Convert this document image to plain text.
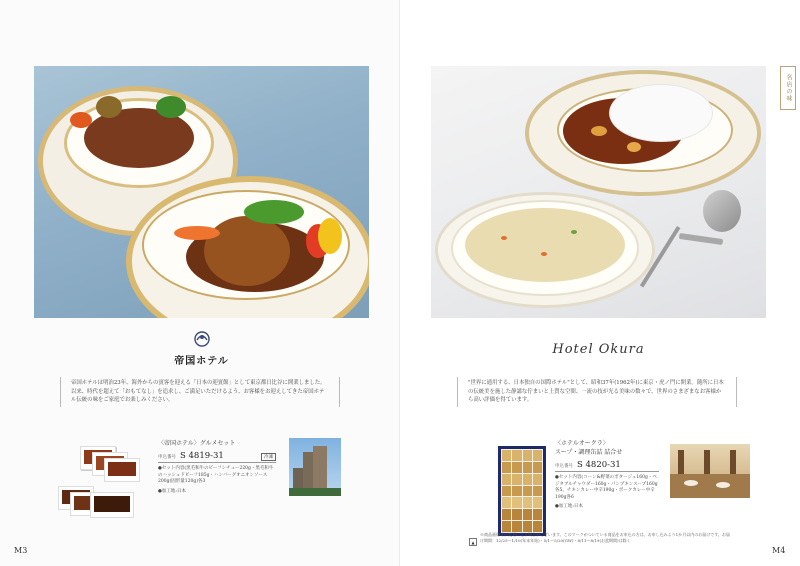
帝国ホテル
帝国ホテルは明治23年、海外からの賓客を迎える「日本の迎賓館」として東京都日比谷に開業しました。以来、時代を超えて「おもてなし」を追求し、ご満足いただけるよう、お客様をお迎えしてきた帝国ホテル伝統の味をご家庭でお楽しみください。
〈帝国ホテル〉グルメセット
申込番号 S 4819-31	冷凍
●セット内容(黒毛和牛のビーフシチュー220g・黒毛和牛のハッシュドビーフ185g・ハンバーグオニオンソース200g(固形量120g)各3
●加工地:日本
M3
名店の味
Hotel Okura
"世界に通用する、日本独自の国際ホテル"として、昭和37年(1962年)に東京・虎ノ門に開業。随所に日本の伝統美を施した静謐な佇まいと上質な空間、一流の技が光る美味の数々で、世界のさまざまなお客様から高い評価を得ています。
〈ホテルオークラ〉
スープ・調理缶詰 詰合せ
申込番号 S 4820-31
●セット内容(コーン&野菜のポタージュ160g・ベジタブルチャウダー160g・パンプキンスープ160g各5、チキンカレー中辛190g・ポークカレー中辛190g各6
●加工地:日本
▲
※商品画像等が変更になる場合がございます。このマークがついている商品をお申込の方は、お申し込みより1か月以内のお届けです。お届け期間：12/25～1/10(年末年始)・5/1～5/20(GW)・8/11～8/19(お盆期間)は除く
M4
